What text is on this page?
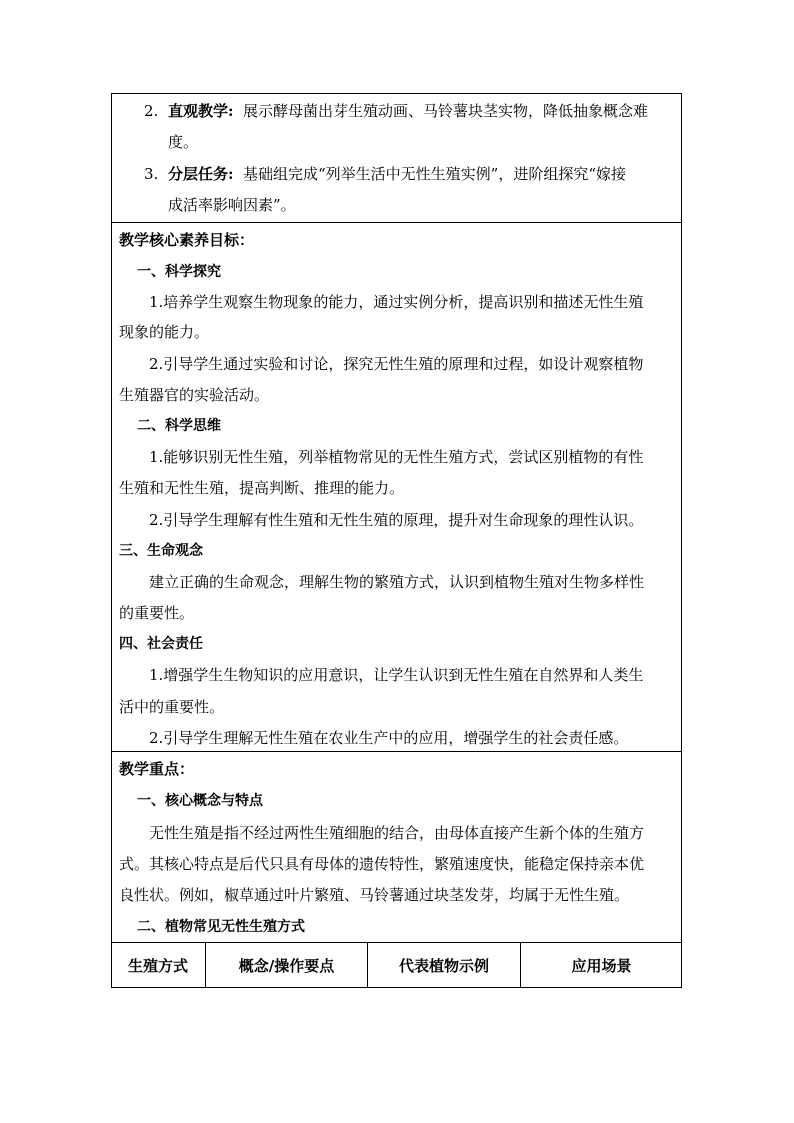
2. 直观教学: 展示酵母菌出芽生殖动画、马铃薯块茎实物，降低抽象概念难
度。
3. 分层任务: 基础组完成“列举生活中无性生殖实例”，进阶组探究“嫁接
成活率影响因素”。
教学核心素养目标：
一、科学探究
1.培养学生观察生物现象的能力，通过实例分析，提高识别和描述无性生殖
现象的能力。
2.引导学生通过实验和讨论，探究无性生殖的原理和过程，如设计观察植物
生殖器官的实验活动。
二、科学思维
1.能够识别无性生殖，列举植物常见的无性生殖方式，尝试区别植物的有性
生殖和无性生殖，提高判断、推理的能力。
2.引导学生理解有性生殖和无性生殖的原理，提升对生命现象的理性认识。
三、生命观念
建立正确的生命观念，理解生物的繁殖方式，认识到植物生殖对生物多样性
的重要性。
四、社会责任
1.增强学生生物知识的应用意识，让学生认识到无性生殖在自然界和人类生
活中的重要性。
2.引导学生理解无性生殖在农业生产中的应用，增强学生的社会责任感。
教学重点：
一、核心概念与特点
无性生殖是指不经过两性生殖细胞的结合，由母体直接产生新个体的生殖方
式。其核心特点是后代只具有母体的遗传特性，繁殖速度快，能稳定保持亲本优
良性状。例如，椒草通过叶片繁殖、马铃薯通过块茎发芽，均属于无性生殖。
二、植物常见无性生殖方式
生殖方式	概念/操作要点	代表植物示例	应用场景
